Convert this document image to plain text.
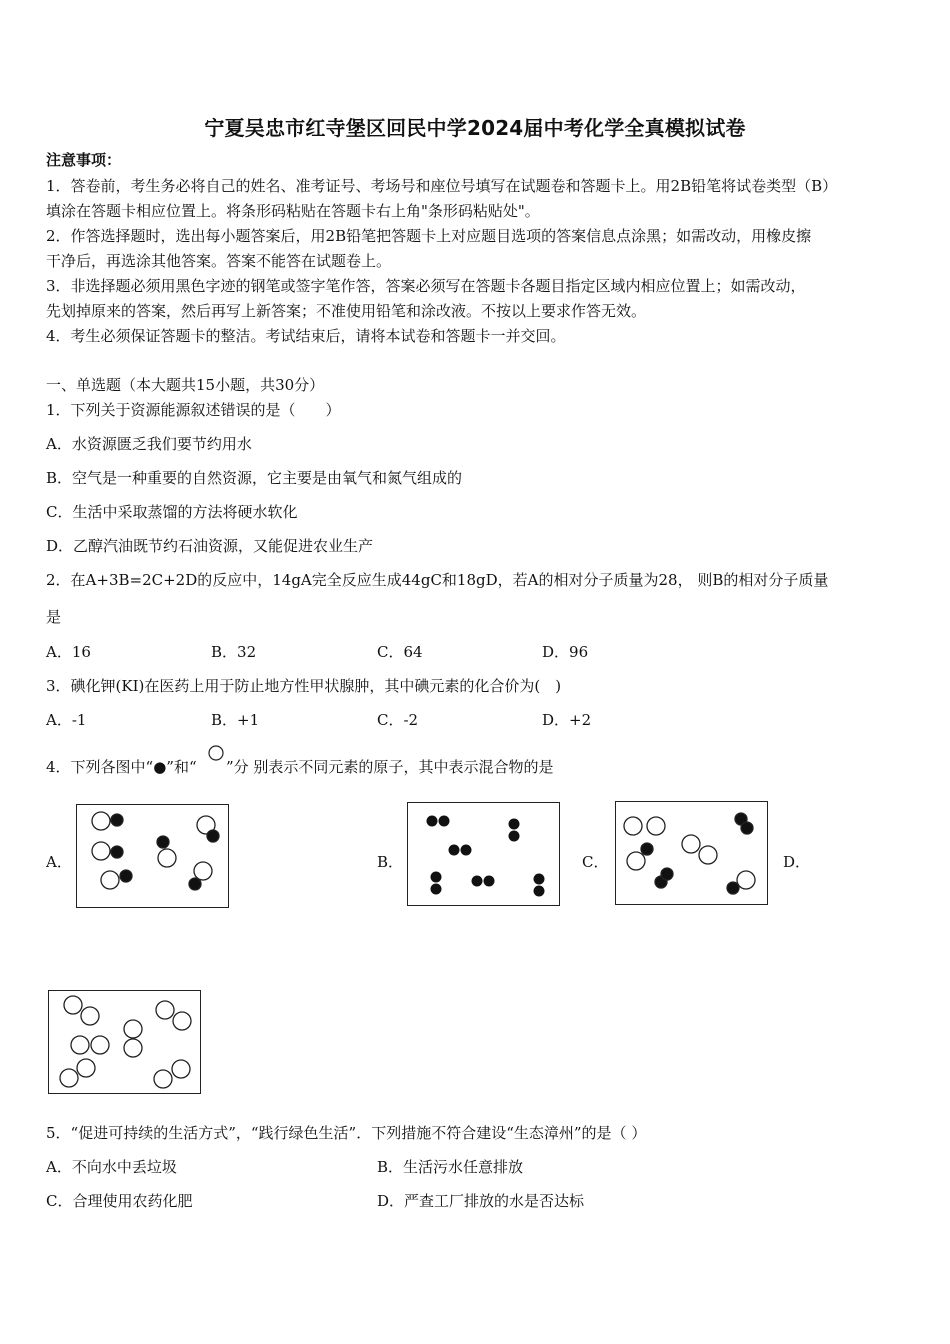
宁夏吴忠市红寺堡区回民中学2024届中考化学全真模拟试卷
注意事项：
1．答卷前，考生务必将自己的姓名、准考证号、考场号和座位号填写在试题卷和答题卡上。用2B铅笔将试卷类型（B）
填涂在答题卡相应位置上。将条形码粘贴在答题卡右上角"条形码粘贴处"。
2．作答选择题时，选出每小题答案后，用2B铅笔把答题卡上对应题目选项的答案信息点涂黑；如需改动，用橡皮擦
干净后，再选涂其他答案。答案不能答在试题卷上。
3．非选择题必须用黑色字迹的钢笔或签字笔作答，答案必须写在答题卡各题目指定区域内相应位置上；如需改动，
先划掉原来的答案，然后再写上新答案；不准使用铅笔和涂改液。不按以上要求作答无效。
4．考生必须保证答题卡的整洁。考试结束后，请将本试卷和答题卡一并交回。
一、单选题（本大题共15小题，共30分）
1．下列关于资源能源叙述错误的是（　　）
A．水资源匮乏我们要节约用水
B．空气是一种重要的自然资源，它主要是由氧气和氮气组成的
C．生活中采取蒸馏的方法将硬水软化
D．乙醇汽油既节约石油资源，又能促进农业生产
2．在A+3B=2C+2D的反应中，14gA完全反应生成44gC和18gD，若A的相对分子质量为28， 则B的相对分子质量
是
A．16	B．32	C．64	D．96
3．碘化钾(KI)在医药上用于防止地方性甲状腺肿，其中碘元素的化合价为(　)
A．-1	B．+1	C．-2	D．+2
4．下列各图中“●”和“ ”分 别表示不同元素的原子，其中表示混合物的是
A．	B．	C．	D．
5．“促进可持续的生活方式”，“践行绿色生活”．下列措施不符合建设“生态漳州”的是（ ）
A．不向水中丢垃圾	B．生活污水任意排放
C．合理使用农药化肥	D．严查工厂排放的水是否达标
